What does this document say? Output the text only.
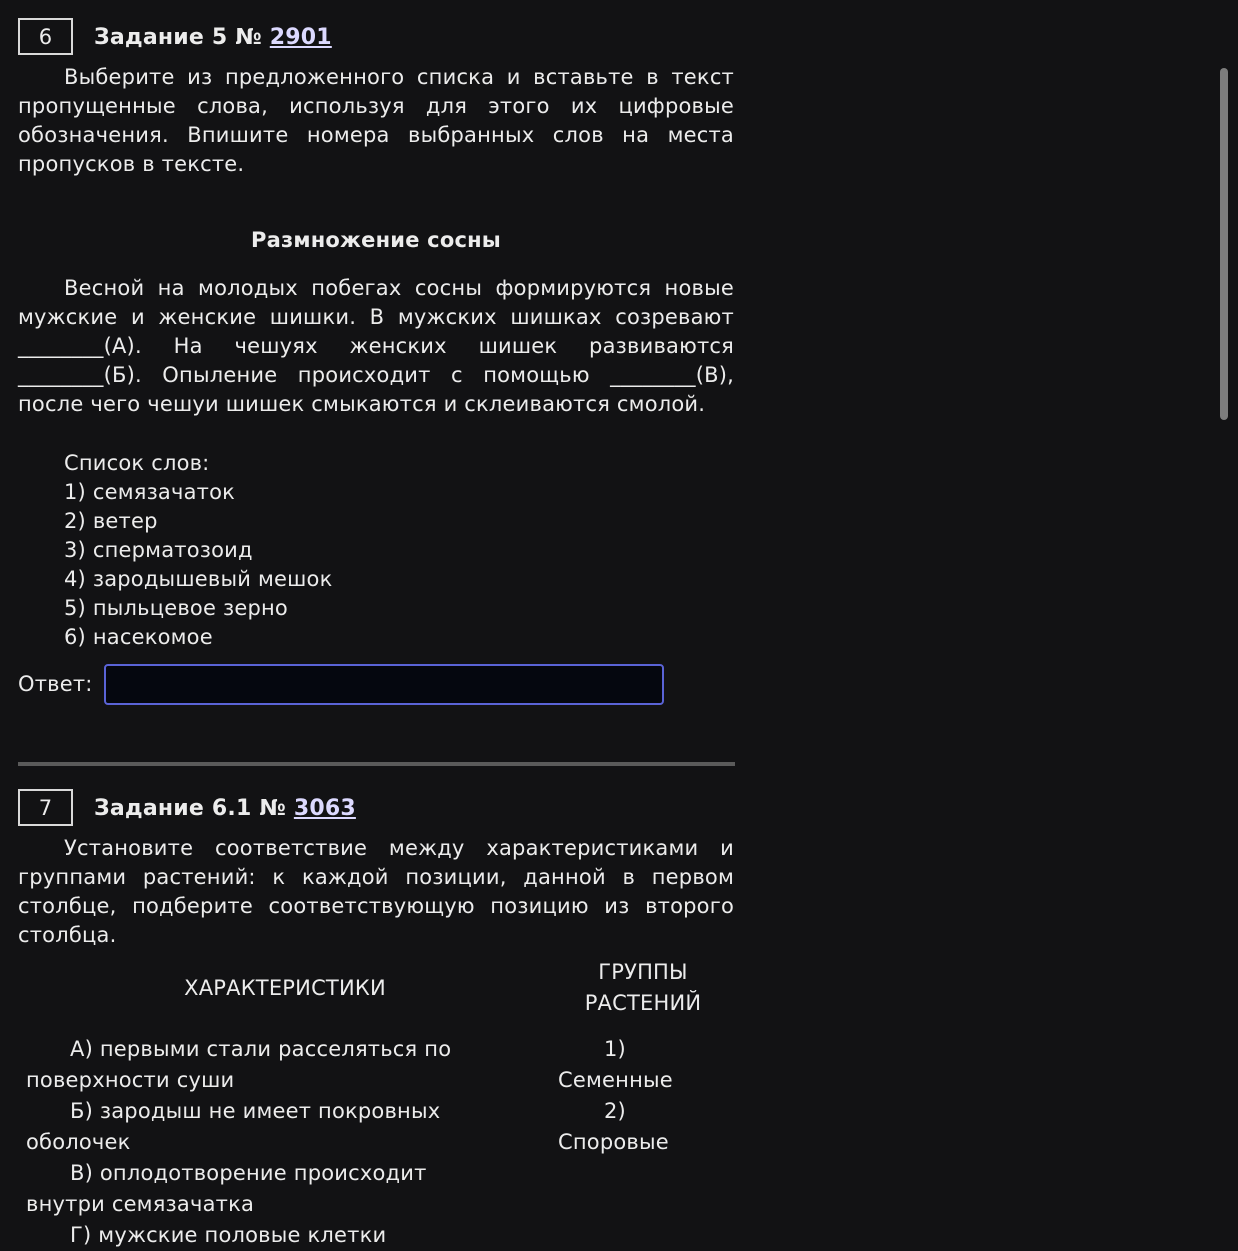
6	Задание 5 № 2901

Выберите из предложенного списка и вставьте в текст пропущенные слова, используя для этого их цифровые обозначения. Впишите номера выбранных слов на места пропусков в тексте.

Размножение сосны

Весной на молодых побегах сосны формируются новые мужские и женские шишки. В мужских шишках созревают ________(А). На чешуях женских шишек развиваются ________(Б). Опыление происходит с помощью ________(В), после чего чешуи шишек смыкаются и склеиваются смолой.

Список слов:
1) семязачаток
2) ветер
3) сперматозоид
4) зародышевый мешок
5) пыльцевое зерно
6) насекомое
Ответ:
7	Задание 6.1 № 3063

Установите соответствие между характеристиками и группами растений: к каждой позиции, данной в первом столбце, подберите соответствующую позицию из второго столбца.

ХАРАКТЕРИСТИКИ
ГРУППЫ
РАСТЕНИЙ
А) первыми стали расселяться по
поверхности суши
Б) зародыш не имеет покровных
оболочек
В) оплодотворение происходит
внутри семязачатка
Г) мужские половые клетки
1)
Семенные
2)
Споровые
